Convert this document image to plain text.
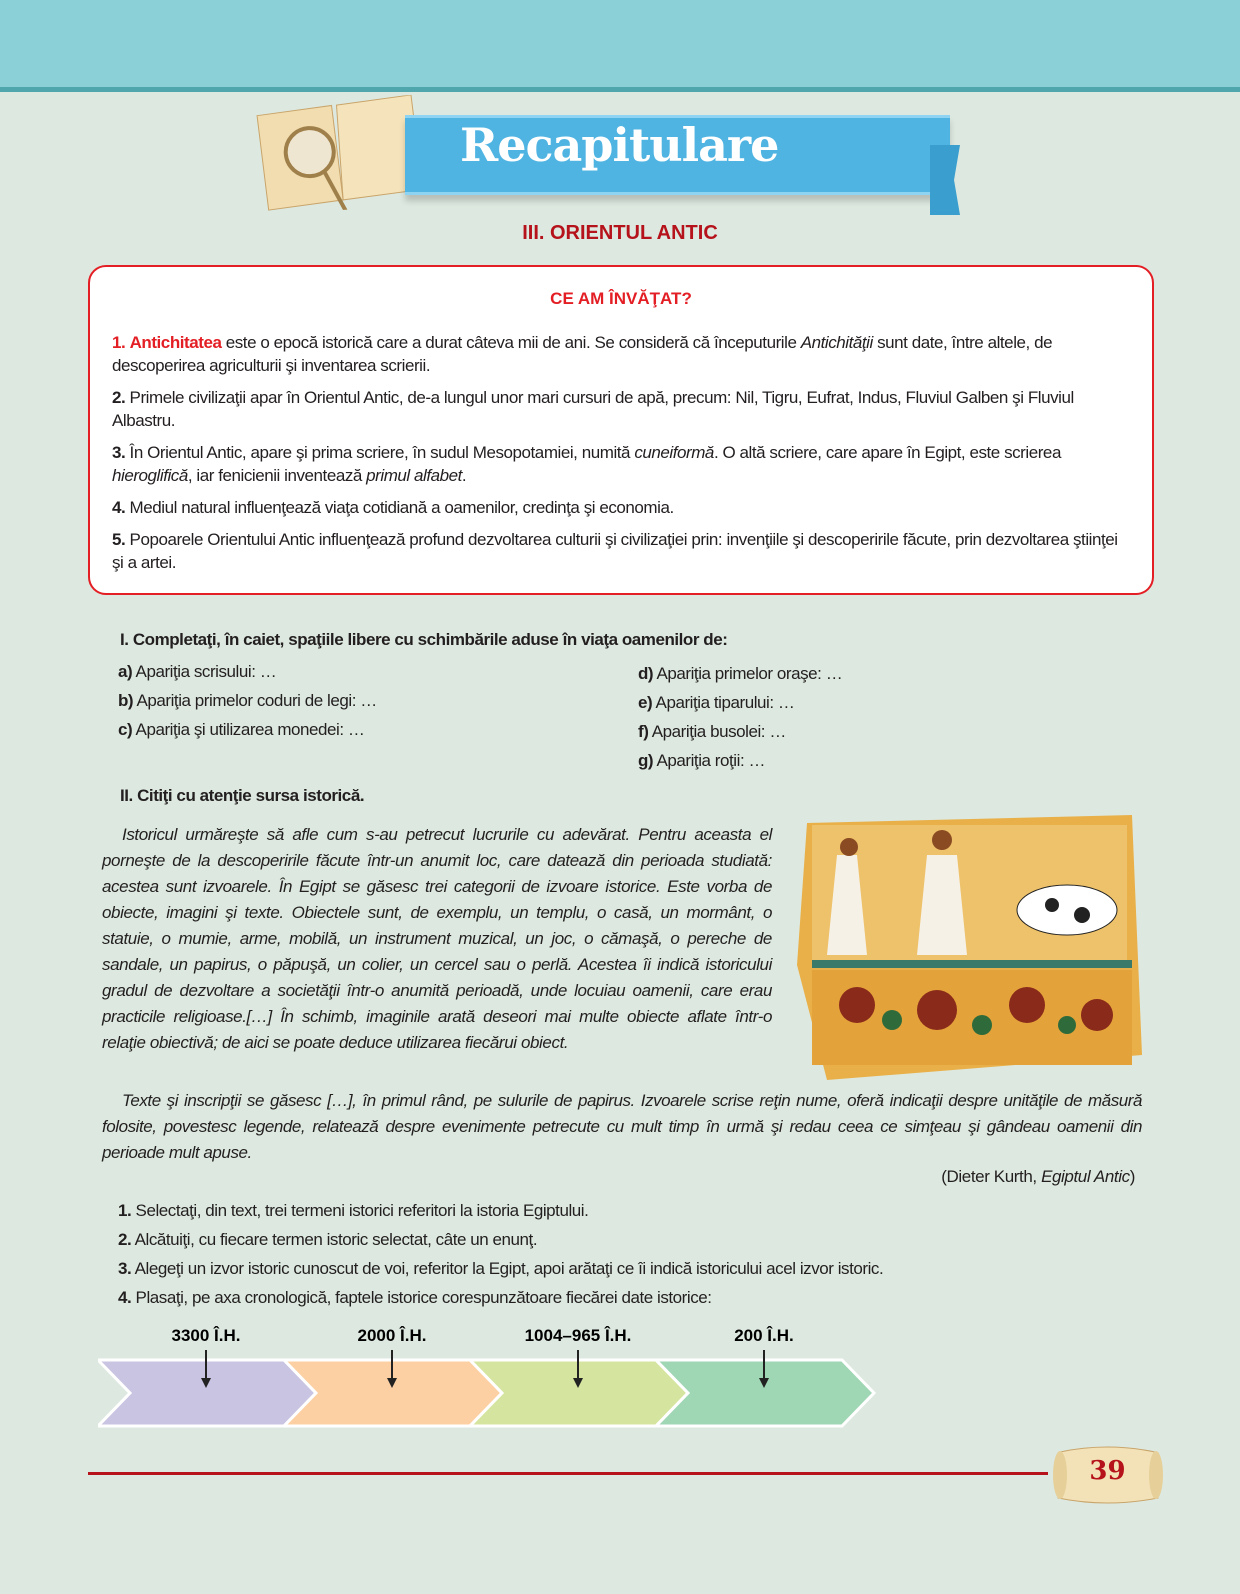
Recapitulare
III. ORIENTUL ANTIC
CE AM ÎNVĂŢAT?

1. Antichitatea este o epocă istorică care a durat câteva mii de ani. Se consideră că începuturile Antichităţii sunt date, între altele, de descoperirea agriculturii şi inventarea scrierii.

2. Primele civilizaţii apar în Orientul Antic, de-a lungul unor mari cursuri de apă, precum: Nil, Tigru, Eufrat, Indus, Fluviul Galben şi Fluviul Albastru.

3. În Orientul Antic, apare şi prima scriere, în sudul Mesopotamiei, numită cuneiformă. O altă scriere, care apare în Egipt, este scrierea hieroglifică, iar fenicienii inventează primul alfabet.

4. Mediul natural influenţează viaţa cotidiană a oamenilor, credinţa şi economia.

5. Popoarele Orientului Antic influenţează profund dezvoltarea culturii şi civilizaţiei prin: invenţiile şi descoperirile făcute, prin dezvoltarea ştiinţei şi a artei.

I. Completaţi, în caiet, spaţiile libere cu schimbările aduse în viaţa oamenilor de:
a) Apariţia scrisului: …
b) Apariţia primelor coduri de legi: …
c) Apariţia şi utilizarea monedei: …
d) Apariţia primelor oraşe: …
e) Apariţia tiparului: …
f) Apariţia busolei: …
g) Apariţia roţii: …
II. Citiţi cu atenţie sursa istorică.
Istoricul urmăreşte să afle cum s-au petrecut lucrurile cu adevărat. Pentru aceasta el porneşte de la descoperirile făcute într-un anumit loc, care datează din perioada studiată: acestea sunt izvoarele. În Egipt se găsesc trei categorii de izvoare istorice. Este vorba de obiecte, imagini şi texte. Obiectele sunt, de exemplu, un templu, o casă, un mormânt, o statuie, o mumie, arme, mobilă, un instrument muzical, un joc, o cămaşă, o pereche de sandale, un papirus, o păpuşă, un colier, un cercel sau o perlă. Acestea îi indică istoricului gradul de dezvoltare a societăţii într-o anumită perioadă, unde locuiau oamenii, care erau practicile religioase.[…] În schimb, imaginile arată deseori mai multe obiecte aflate într-o relaţie obiectivă; de aici se poate deduce utilizarea fiecărui obiect.
Texte şi inscripţii se găsesc […], în primul rând, pe sulurile de papirus. Izvoarele scrise reţin nume, oferă indicaţii despre unităţile de măsură folosite, povestesc legende, relatează despre evenimente petrecute cu mult timp în urmă şi redau ceea ce simţeau şi gândeau oamenii din perioade mult apuse.
(Dieter Kurth, Egiptul Antic)
1. Selectaţi, din text, trei termeni istorici referitori la istoria Egiptului.
2. Alcătuiţi, cu fiecare termen istoric selectat, câte un enunţ.
3. Alegeţi un izvor istoric cunoscut de voi, referitor la Egipt, apoi arătaţi ce îi indică istoricului acel izvor istoric.
4. Plasaţi, pe axa cronologică, faptele istorice corespunzătoare fiecărei date istorice:
3300 Î.H.	2000 Î.H.	1004–965 Î.H.	200 Î.H.
39
